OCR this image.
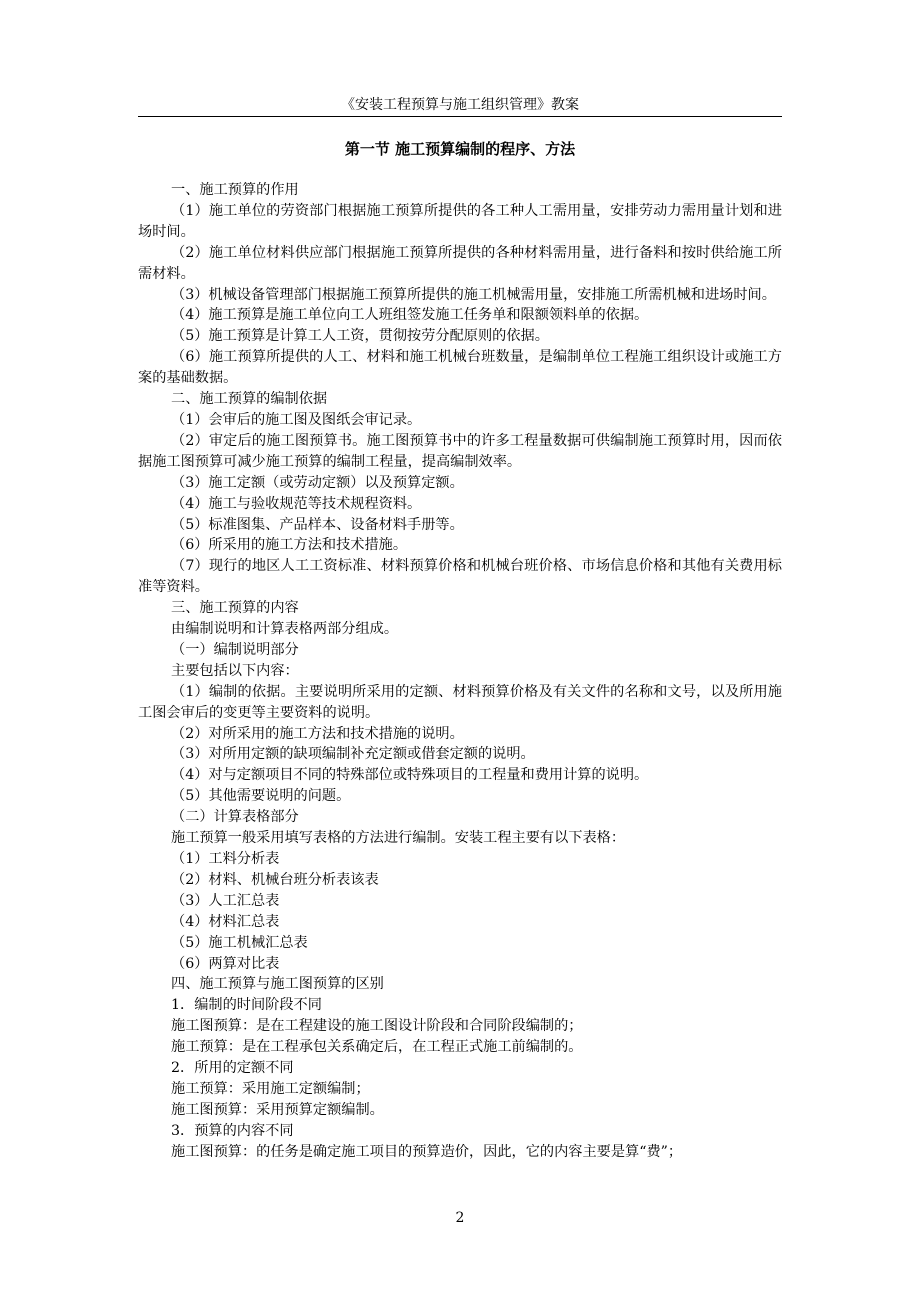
《安装工程预算与施工组织管理》教案
第一节 施工预算编制的程序、方法

一、施工预算的作用

（1）施工单位的劳资部门根据施工预算所提供的各工种人工需用量，安排劳动力需用量计划和进场时间。

（2）施工单位材料供应部门根据施工预算所提供的各种材料需用量，进行备料和按时供给施工所需材料。

（3）机械设备管理部门根据施工预算所提供的施工机械需用量，安排施工所需机械和进场时间。

（4）施工预算是施工单位向工人班组签发施工任务单和限额领料单的依据。

（5）施工预算是计算工人工资，贯彻按劳分配原则的依据。

（6）施工预算所提供的人工、材料和施工机械台班数量，是编制单位工程施工组织设计或施工方案的基础数据。

二、施工预算的编制依据

（1）会审后的施工图及图纸会审记录。

（2）审定后的施工图预算书。施工图预算书中的许多工程量数据可供编制施工预算时用，因而依据施工图预算可减少施工预算的编制工程量，提高编制效率。

（3）施工定额（或劳动定额）以及预算定额。

（4）施工与验收规范等技术规程资料。

（5）标准图集、产品样本、设备材料手册等。

（6）所采用的施工方法和技术措施。

（7）现行的地区人工工资标准、材料预算价格和机械台班价格、市场信息价格和其他有关费用标准等资料。

三、施工预算的内容

由编制说明和计算表格两部分组成。

（一）编制说明部分

主要包括以下内容：

（1）编制的依据。主要说明所采用的定额、材料预算价格及有关文件的名称和文号，以及所用施工图会审后的变更等主要资料的说明。

（2）对所采用的施工方法和技术措施的说明。

（3）对所用定额的缺项编制补充定额或借套定额的说明。

（4）对与定额项目不同的特殊部位或特殊项目的工程量和费用计算的说明。

（5）其他需要说明的问题。

（二）计算表格部分

施工预算一般采用填写表格的方法进行编制。安装工程主要有以下表格：

（1）工料分析表

（2）材料、机械台班分析表该表

（3）人工汇总表

（4）材料汇总表

（5）施工机械汇总表

（6）两算对比表

四、施工预算与施工图预算的区别

1．编制的时间阶段不同

施工图预算：是在工程建设的施工图设计阶段和合同阶段编制的；

施工预算：是在工程承包关系确定后，在工程正式施工前编制的。

2．所用的定额不同

施工预算：采用施工定额编制；

施工图预算：采用预算定额编制。

3．预算的内容不同

施工图预算：的任务是确定施工项目的预算造价，因此，它的内容主要是算“费”；

2
